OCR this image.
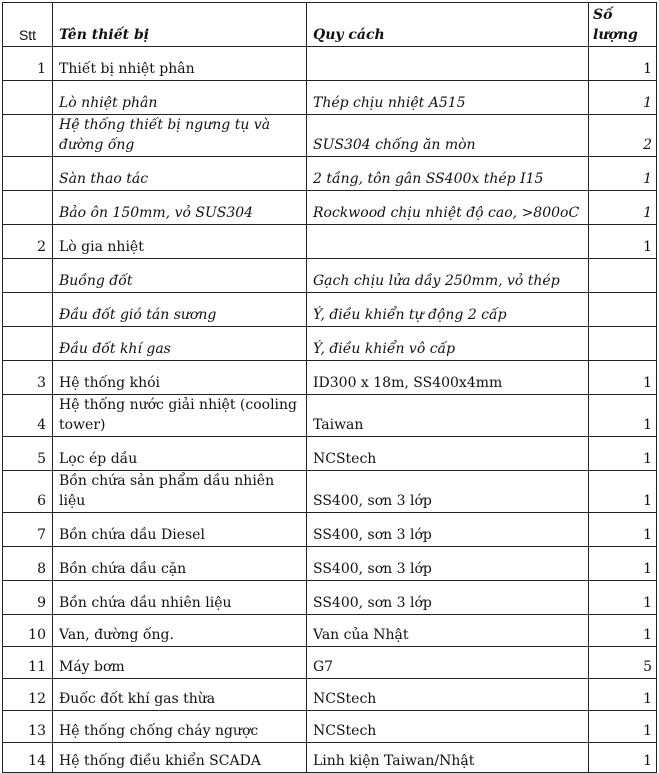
Stt	Tên thiết bị	Quy cách	Số lượng
1	Thiết bị nhiệt phân		1
	Lò nhiệt phân	Thép chịu nhiệt A515	1
	Hệ thống thiết bị ngưng tụ và đường ống	SUS304 chống ăn mòn	2
	Sàn thao tác	2 tầng, tôn gân SS400x thép I15	1
	Bảo ôn 150mm, vỏ SUS304	Rockwood chịu nhiệt độ cao, >800oC	1
2	Lò gia nhiệt		1
	Buồng đốt	Gạch chịu lửa dầy 250mm, vỏ thép	
	Đầu đốt gió tán sương	Ý, điều khiển tự động 2 cấp	
	Đầu đốt khí gas	Ý, điều khiển vô cấp	
3	Hệ thống khói	ID300 x 18m, SS400x4mm	1
4	Hệ thống nước giải nhiệt (cooling tower)	Taiwan	1
5	Lọc ép dầu	NCStech	1
6	Bồn chứa sản phẩm dầu nhiên liệu	SS400, sơn 3 lớp	1
7	Bồn chứa dầu Diesel	SS400, sơn 3 lớp	1
8	Bồn chứa dầu cặn	SS400, sơn 3 lớp	1
9	Bồn chứa dầu nhiên liệu	SS400, sơn 3 lớp	1
10	Van, đường ống.	Van của Nhật	1
11	Máy bơm	G7	5
12	Đuốc đốt khí gas thừa	NCStech	1
13	Hệ thống chống cháy ngược	NCStech	1
14	Hệ thống điều khiển SCADA	Linh kiện Taiwan/Nhật	1
